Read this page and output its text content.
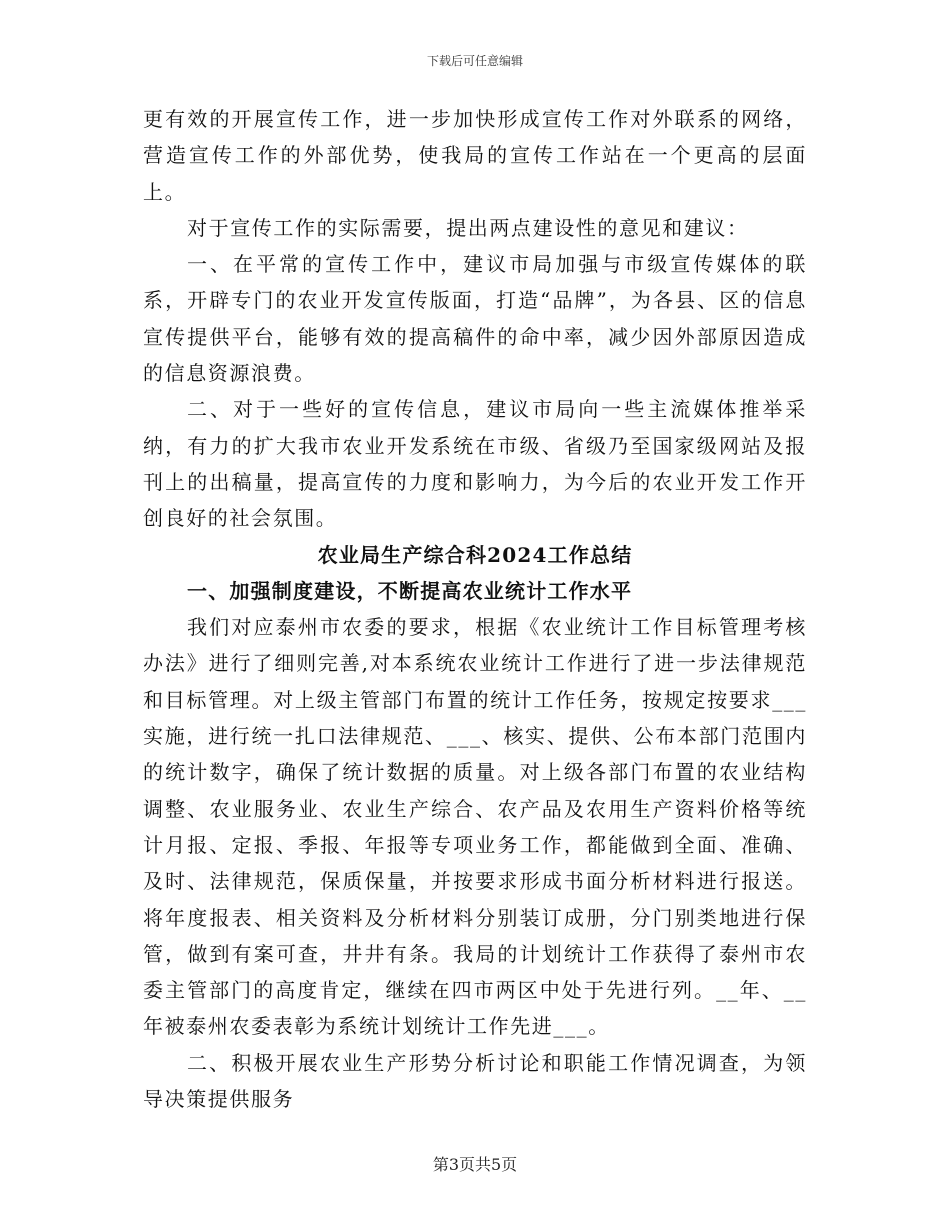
下载后可任意编辑

更有效的开展宣传工作，进一步加快形成宣传工作对外联系的网络，营造宣传工作的外部优势，使我局的宣传工作站在一个更高的层面上。

对于宣传工作的实际需要，提出两点建设性的意见和建议：

一、在平常的宣传工作中，建议市局加强与市级宣传媒体的联系，开辟专门的农业开发宣传版面，打造“品牌”，为各县、区的信息宣传提供平台，能够有效的提高稿件的命中率，减少因外部原因造成的信息资源浪费。

二、对于一些好的宣传信息，建议市局向一些主流媒体推举采纳，有力的扩大我市农业开发系统在市级、省级乃至国家级网站及报刊上的出稿量，提高宣传的力度和影响力，为今后的农业开发工作开创良好的社会氛围。

农业局生产综合科2024工作总结
一、加强制度建设，不断提高农业统计工作水平

我们对应泰州市农委的要求，根据《农业统计工作目标管理考核办法》进行了细则完善,对本系统农业统计工作进行了进一步法律规范和目标管理。对上级主管部门布置的统计工作任务，按规定按要求___实施，进行统一扎口法律规范、___、核实、提供、公布本部门范围内的统计数字，确保了统计数据的质量。对上级各部门布置的农业结构调整、农业服务业、农业生产综合、农产品及农用生产资料价格等统计月报、定报、季报、年报等专项业务工作，都能做到全面、准确、及时、法律规范，保质保量，并按要求形成书面分析材料进行报送。将年度报表、相关资料及分析材料分别装订成册，分门别类地进行保管，做到有案可查，井井有条。我局的计划统计工作获得了泰州市农委主管部门的高度肯定，继续在四市两区中处于先进行列。__年、__年被泰州农委表彰为系统计划统计工作先进___。

二、积极开展农业生产形势分析讨论和职能工作情况调查，为领导决策提供服务

第3页共5页
